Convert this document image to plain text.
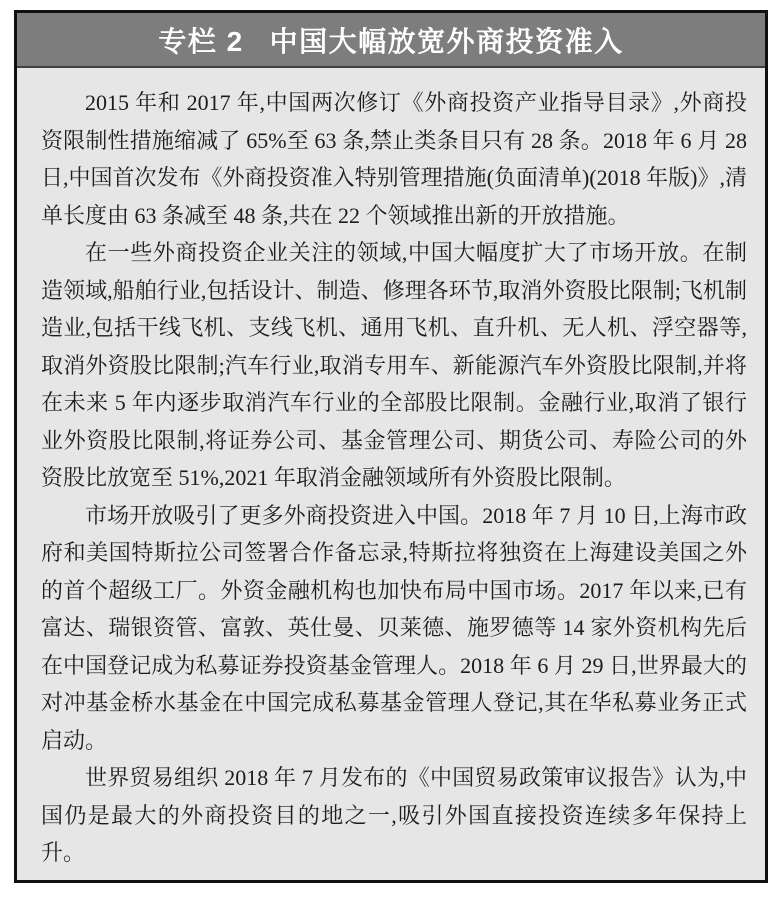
专栏 2 中国大幅放宽外商投资准入

2015 年和 2017 年,中国两次修订《外商投资产业指导目录》,外商投资限制性措施缩减了 65%至 63 条,禁止类条目只有 28 条。2018 年 6 月 28 日,中国首次发布《外商投资准入特别管理措施(负面清单)(2018 年版)》,清单长度由 63 条减至 48 条,共在 22 个领域推出新的开放措施。

在一些外商投资企业关注的领域,中国大幅度扩大了市场开放。在制造领域,船舶行业,包括设计、制造、修理各环节,取消外资股比限制;飞机制造业,包括干线飞机、支线飞机、通用飞机、直升机、无人机、浮空器等,取消外资股比限制;汽车行业,取消专用车、新能源汽车外资股比限制,并将在未来 5 年内逐步取消汽车行业的全部股比限制。金融行业,取消了银行业外资股比限制,将证券公司、基金管理公司、期货公司、寿险公司的外资股比放宽至 51%,2021 年取消金融领域所有外资股比限制。

市场开放吸引了更多外商投资进入中国。2018 年 7 月 10 日,上海市政府和美国特斯拉公司签署合作备忘录,特斯拉将独资在上海建设美国之外的首个超级工厂。外资金融机构也加快布局中国市场。2017 年以来,已有富达、瑞银资管、富敦、英仕曼、贝莱德、施罗德等 14 家外资机构先后在中国登记成为私募证券投资基金管理人。2018 年 6 月 29 日,世界最大的对冲基金桥水基金在中国完成私募基金管理人登记,其在华私募业务正式启动。

世界贸易组织 2018 年 7 月发布的《中国贸易政策审议报告》认为,中国仍是最大的外商投资目的地之一,吸引外国直接投资连续多年保持上升。
